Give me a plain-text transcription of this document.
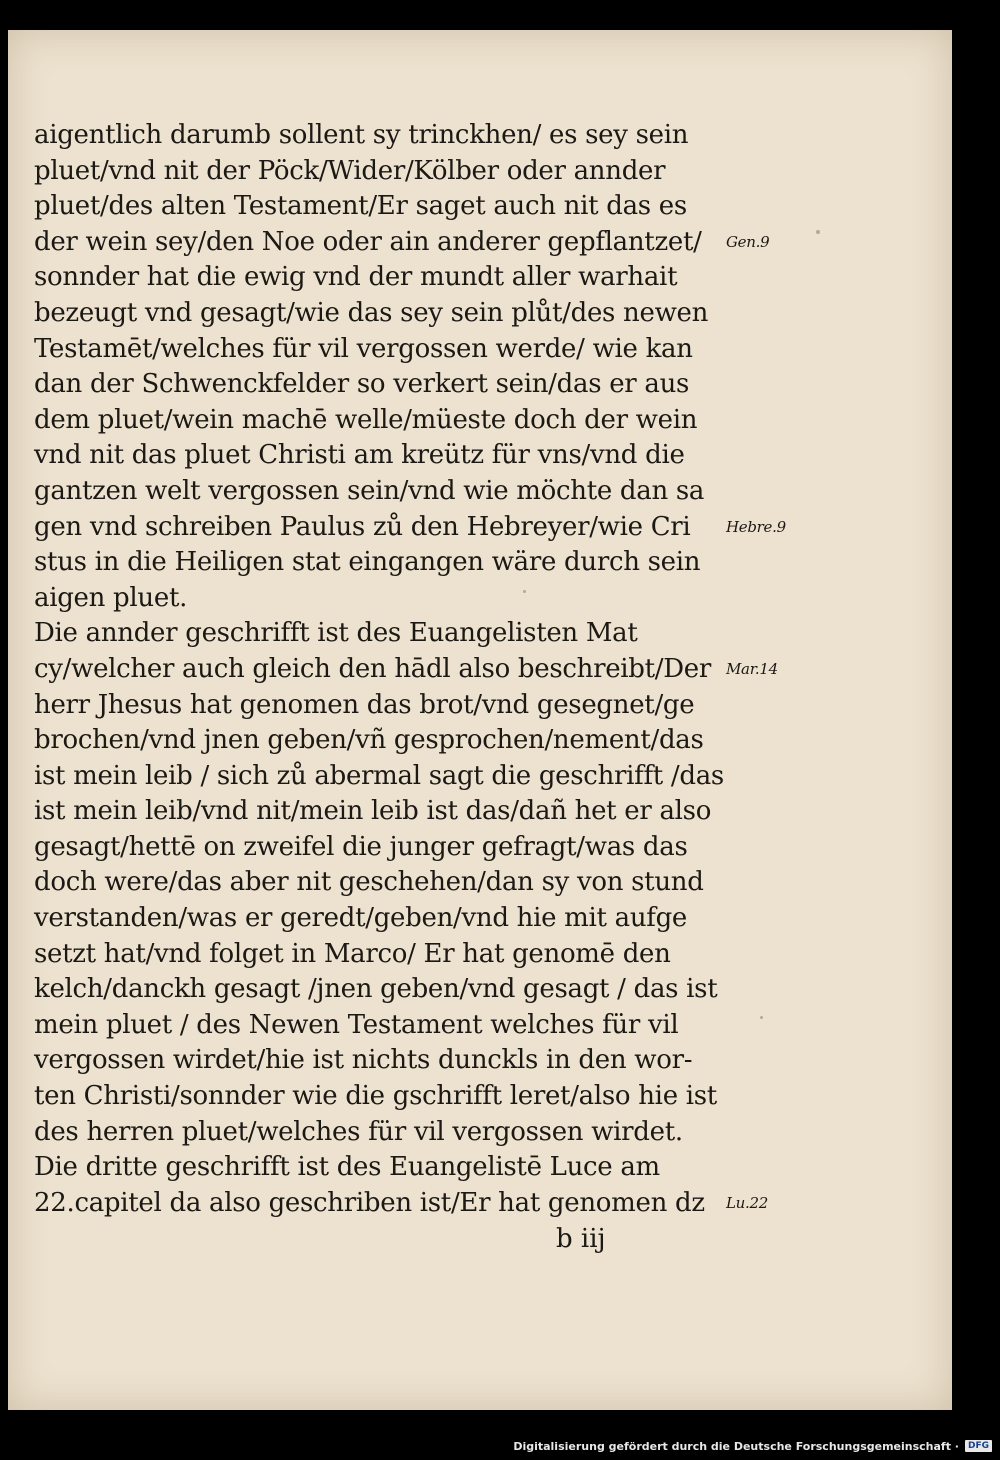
aigentlich darumb sollent sy trinckhen/ es sey sein
pluet/vnd nit der Pöck/Wider/Kölber oder annder
pluet/des alten Testament/Er saget auch nit das es
der wein sey/den Noe oder ain anderer gepflantzet/ Gen.9
sonnder hat die ewig vnd der mundt aller warhait
bezeugt vnd gesagt/wie das sey sein plůt/des newen
Testamēt/welches für vil vergossen werde/ wie kan
dan der Schwenckfelder so verkert sein/das er aus
dem pluet/wein machē welle/müeste doch der wein
vnd nit das pluet Christi am kreütz für vns/vnd die
gantzen welt vergossen sein/vnd wie möchte dan sa
gen vnd schreiben Paulus zů den Hebreyer/wie Cri Hebre.9
stus in die Heiligen stat eingangen wäre durch sein
aigen pluet.
Die annder geschrifft ist des Euangelisten Mat
cy/welcher auch gleich den hādl also beschreibt/Der Mar.14
herr Jhesus hat genomen das brot/vnd gesegnet/ge
brochen/vnd jnen geben/vñ gesprochen/nement/das
ist mein leib / sich zů abermal sagt die geschrifft /das
ist mein leib/vnd nit/mein leib ist das/dañ het er also
gesagt/hettē on zweifel die junger gefragt/was das
doch were/das aber nit geschehen/dan sy von stund
verstanden/was er geredt/geben/vnd hie mit aufge
setzt hat/vnd folget in Marco/ Er hat genomē den
kelch/danckh gesagt /jnen geben/vnd gesagt / das ist
mein pluet / des Newen Testament welches für vil
vergossen wirdet/hie ist nichts dunckls in den wor-
ten Christi/sonnder wie die gschrifft leret/also hie ist
des herren pluet/welches für vil vergossen wirdet.
Die dritte geschrifft ist des Euangelistē Luce am
22.capitel da also geschriben ist/Er hat genomen dz Lu.22
b iij
Digitalisierung gefördert durch die Deutsche Forschungsgemeinschaft ·	DFG
